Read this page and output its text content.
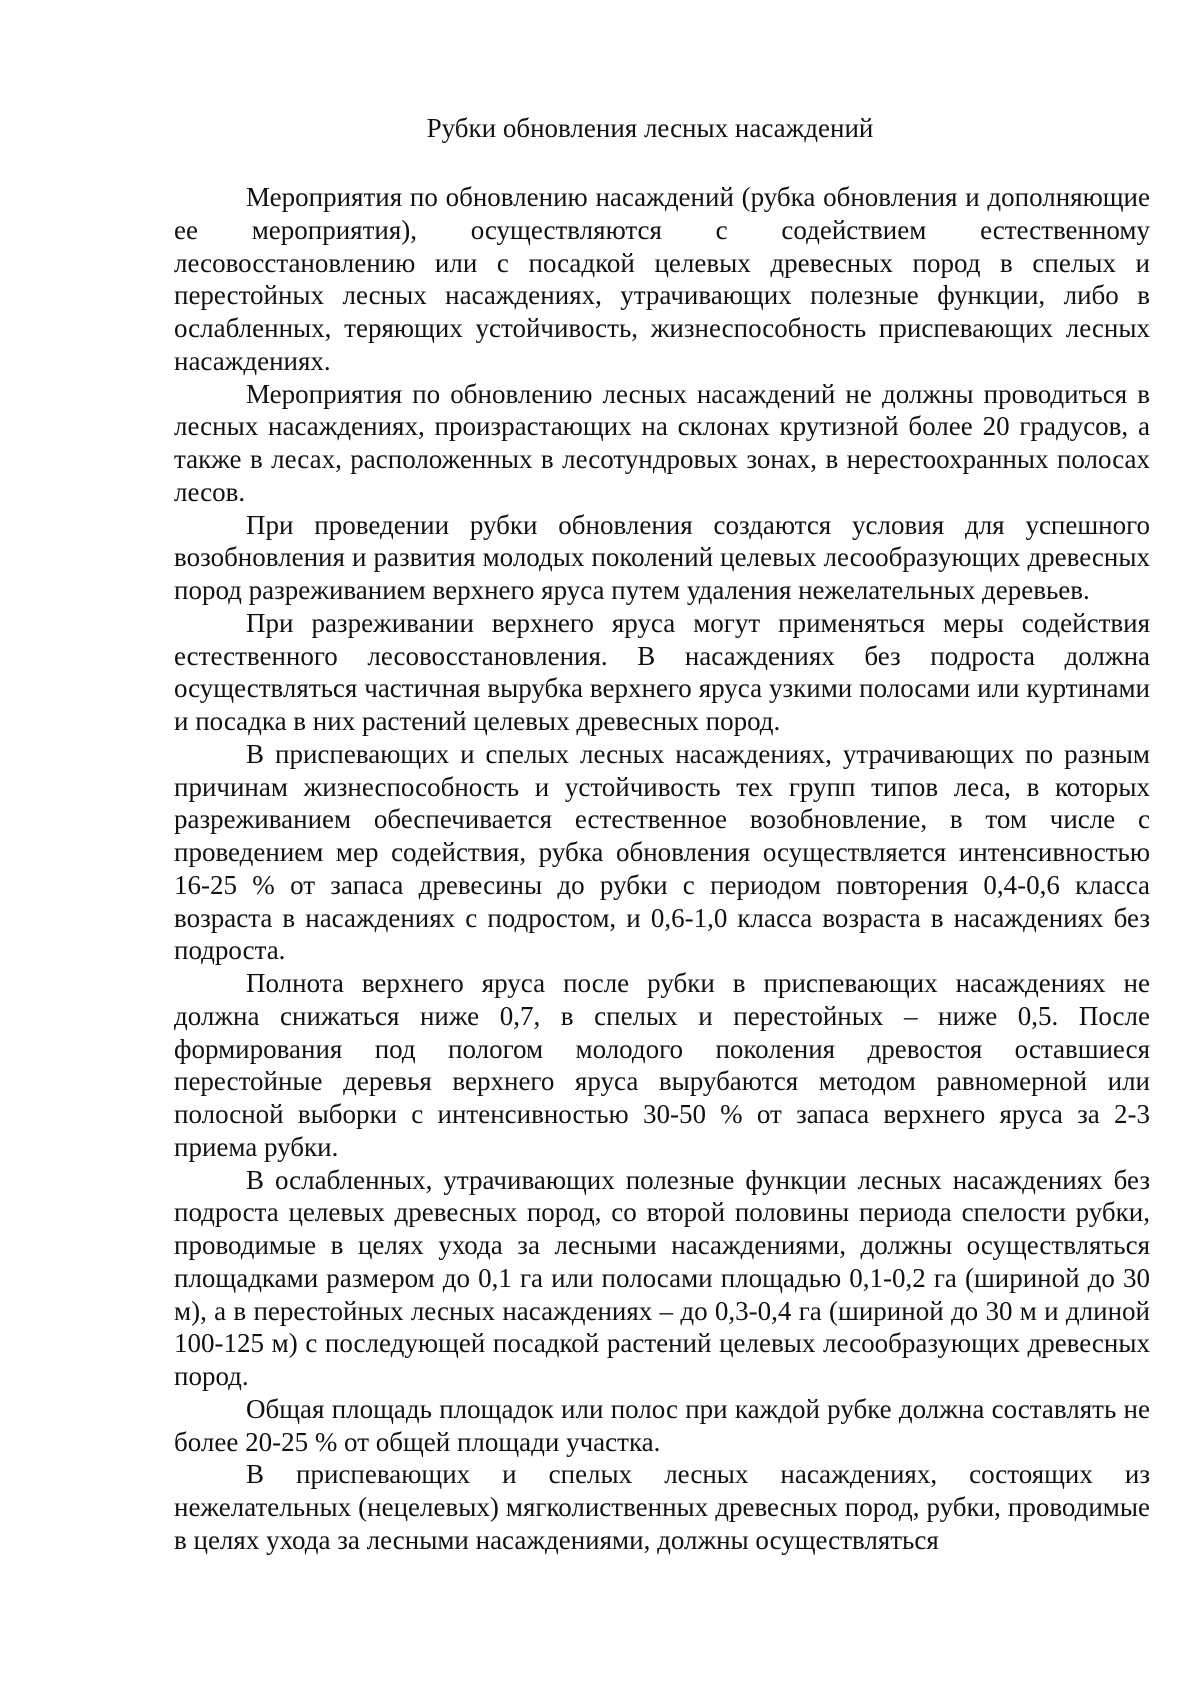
Рубки обновления лесных насаждений

Мероприятия по обновлению насаждений (рубка обновления и дополняющие ее мероприятия), осуществляются с содействием естественному лесовосстановлению или с посадкой целевых древесных пород в спелых и перестойных лесных насаждениях, утрачивающих полезные функции, либо в ослабленных, теряющих устойчивость, жизнеспособность приспевающих лесных насаждениях.

Мероприятия по обновлению лесных насаждений не должны проводиться в лесных насаждениях, произрастающих на склонах крутизной более 20 градусов, а также в лесах, расположенных в лесотундровых зонах, в нерестоохранных полосах лесов.

При проведении рубки обновления создаются условия для успешного возобновления и развития молодых поколений целевых лесообразующих древесных пород разреживанием верхнего яруса путем удаления нежелательных деревьев.

При разреживании верхнего яруса могут применяться меры содействия естественного лесовосстановления. В насаждениях без подроста должна осуществляться частичная вырубка верхнего яруса узкими полосами или куртинами и посадка в них растений целевых древесных пород.

В приспевающих и спелых лесных насаждениях, утрачивающих по разным причинам жизнеспособность и устойчивость тех групп типов леса, в которых разреживанием обеспечивается естественное возобновление, в том числе с проведением мер содействия, рубка обновления осуществляется интенсивностью 16-25 % от запаса древесины до рубки с периодом повторения 0,4-0,6 класса возраста в насаждениях с подростом, и 0,6-1,0 класса возраста в насаждениях без подроста.

Полнота верхнего яруса после рубки в приспевающих насаждениях не должна снижаться ниже 0,7, в спелых и перестойных – ниже 0,5. После формирования под пологом молодого поколения древостоя оставшиеся перестойные деревья верхнего яруса вырубаются методом равномерной или полосной выборки с интенсивностью 30-50 % от запаса верхнего яруса за 2-3 приема рубки.

В ослабленных, утрачивающих полезные функции лесных насаждениях без подроста целевых древесных пород, со второй половины периода спелости рубки, проводимые в целях ухода за лесными насаждениями, должны осуществляться площадками размером до 0,1 га или полосами площадью 0,1-0,2 га (шириной до 30 м), а в перестойных лесных насаждениях – до 0,3-0,4 га (шириной до 30 м и длиной 100-125 м) с последующей посадкой растений целевых лесообразующих древесных пород.

Общая площадь площадок или полос при каждой рубке должна составлять не более 20-25 % от общей площади участка.

В приспевающих и спелых лесных насаждениях, состоящих из нежелательных (нецелевых) мягколиственных древесных пород, рубки, проводимые в целях ухода за лесными насаждениями, должны осуществляться
